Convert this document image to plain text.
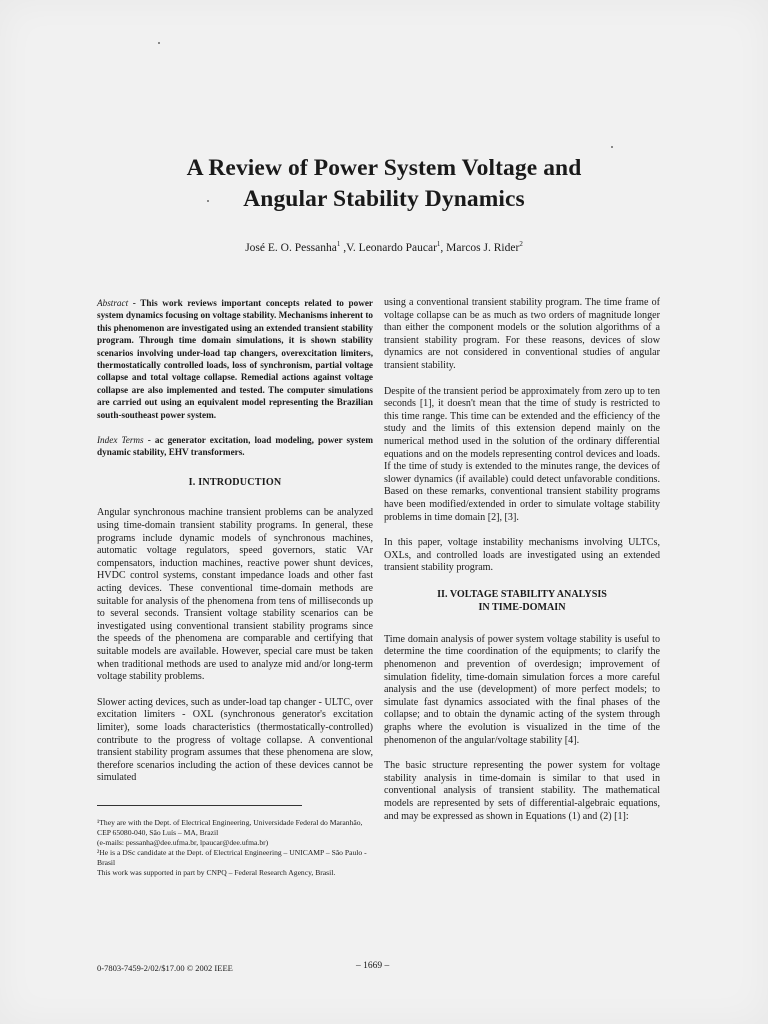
A Review of Power System Voltage and
Angular Stability Dynamics
José E. O. Pessanha$^1$ ,V. Leonardo Paucar$^1$, Marcos J. Rider$^2$

Abstract - This work reviews important concepts related to power system dynamics focusing on voltage stability. Mechanisms inherent to this phenomenon are investigated using an extended transient stability program. Through time domain simulations, it is shown stability scenarios involving under-load tap changers, overexcitation limiters, thermostatically controlled loads, loss of synchronism, partial voltage collapse and total voltage collapse. Remedial actions against voltage collapse are also implemented and tested. The computer simulations are carried out using an equivalent model representing the Brazilian south-southeast power system.

Index Terms - ac generator excitation, load modeling, power system dynamic stability, EHV transformers.

I. INTRODUCTION

Angular synchronous machine transient problems can be analyzed using time-domain transient stability programs. In general, these programs include dynamic models of synchronous machines, automatic voltage regulators, speed governors, static VAr compensators, induction machines, reactive power shunt devices, HVDC control systems, constant impedance loads and other fast acting devices. These conventional time-domain methods are suitable for analysis of the phenomena from tens of milliseconds up to several seconds. Transient voltage stability scenarios can be investigated using conventional transient stability programs since the speeds of the phenomena are comparable and certifying that suitable models are available. However, special care must be taken when traditional methods are used to analyze mid and/or long-term voltage stability problems.

Slower acting devices, such as under-load tap changer - ULTC, over excitation limiters - OXL (synchronous generator's excitation limiter), some loads characteristics (thermostatically-controlled) contribute to the progress of voltage collapse. A conventional transient stability program assumes that these phenomena are slow, therefore scenarios including the action of these devices cannot be simulated

¹They are with the Dept. of Electrical Engineering, Universidade Federal do Maranhão, CEP 65080-040, São Luís – MA, Brazil

(e-mails: pessanha@dee.ufma.br, lpaucar@dee.ufma.br)

²He is a DSc candidate at the Dept. of Electrical Engineering – UNICAMP – São Paulo - Brasil

This work was supported in part by CNPQ – Federal Research Agency, Brasil.

using a conventional transient stability program. The time frame of voltage collapse can be as much as two orders of magnitude longer than either the component models or the solution algorithms of a transient stability program. For these reasons, devices of slow dynamics are not considered in conventional studies of angular transient stability.

Despite of the transient period be approximately from zero up to ten seconds [1], it doesn't mean that the time of study is restricted to this time range. This time can be extended and the efficiency of the study and the limits of this extension depend mainly on the numerical method used in the solution of the ordinary differential equations and on the models representing control devices and loads. If the time of study is extended to the minutes range, the devices of slower dynamics (if available) could detect unfavorable conditions. Based on these remarks, conventional transient stability programs have been modified/extended in order to simulate voltage stability problems in time domain [2], [3].

In this paper, voltage instability mechanisms involving ULTCs, OXLs, and controlled loads are investigated using an extended transient stability program.

II. VOLTAGE STABILITY ANALYSIS
IN TIME-DOMAIN

Time domain analysis of power system voltage stability is useful to determine the time coordination of the equipments; to clarify the phenomenon and prevention of overdesign; improvement of simulation fidelity, time-domain simulation forces a more careful analysis and the use (development) of more perfect models; to simulate fast dynamics associated with the final phases of the collapse; and to obtain the dynamic acting of the system through graphs where the evolution is visualized in the time of the phenomenon of the angular/voltage stability [4].

The basic structure representing the power system for voltage stability analysis in time-domain is similar to that used in conventional analysis of transient stability. The mathematical models are represented by sets of differential-algebraic equations, and may be expressed as shown in Equations (1) and (2) [1]:

0-7803-7459-2/02/$17.00 © 2002 IEEE	– 1669 –
